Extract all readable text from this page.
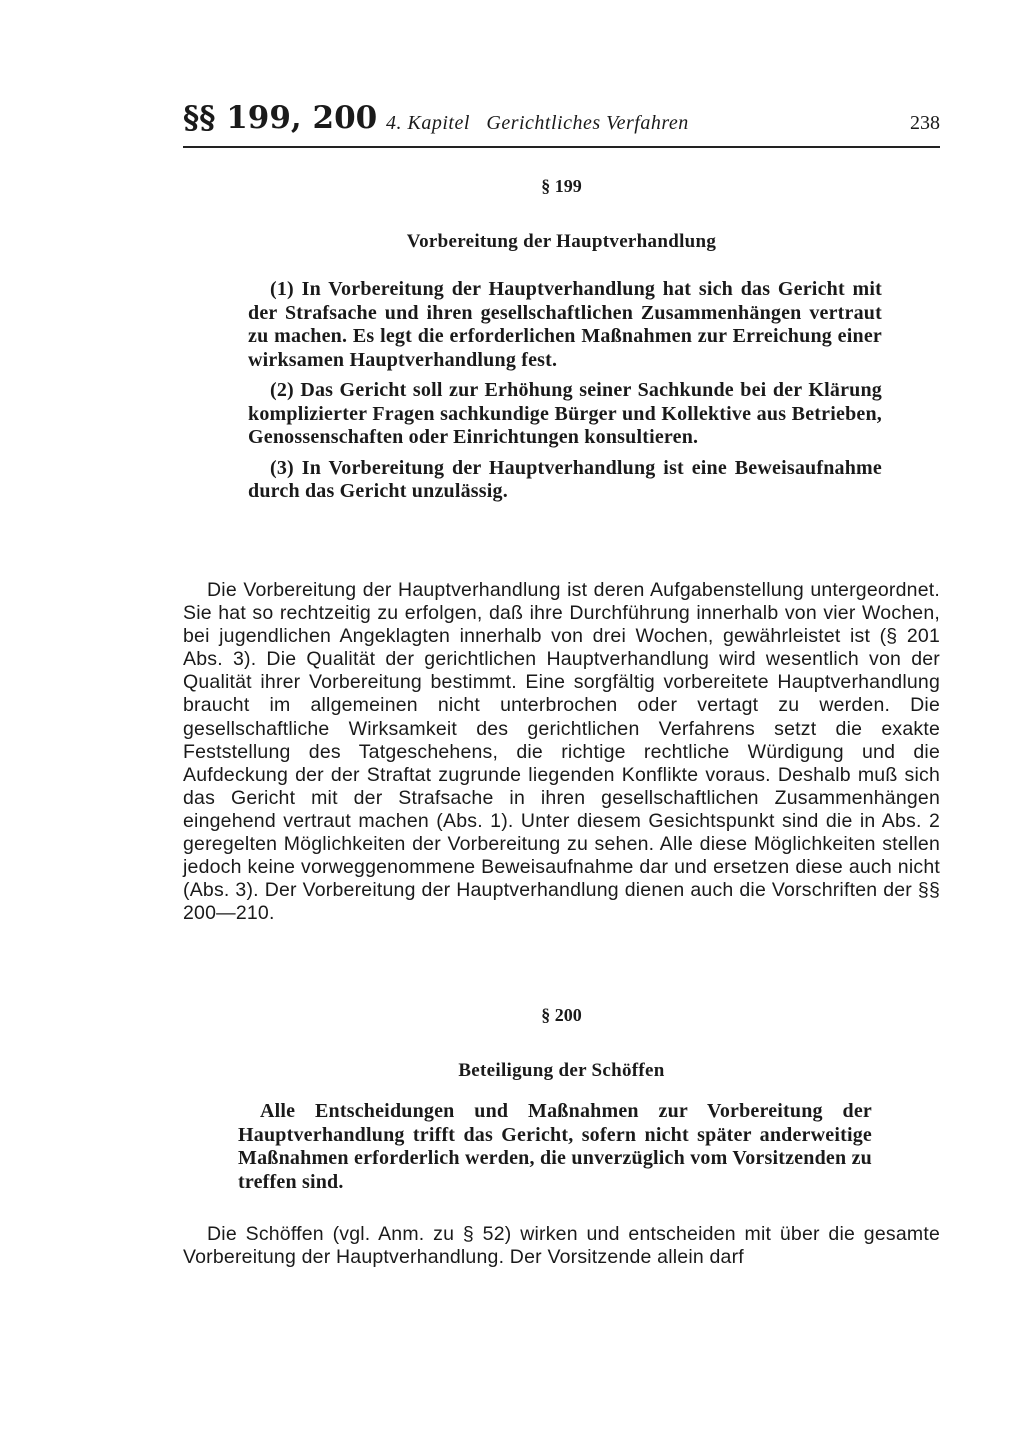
§§ 199, 200 4. Kapitel   Gerichtliches Verfahren	238
§ 199
Vorbereitung der Hauptverhandlung

(1) In Vorbereitung der Hauptverhandlung hat sich das Gericht mit der Strafsache und ihren gesellschaftlichen Zusammenhängen vertraut zu machen. Es legt die erforderlichen Maßnahmen zur Erreichung einer wirksamen Hauptverhandlung fest.

(2) Das Gericht soll zur Erhöhung seiner Sachkunde bei der Klärung komplizierter Fragen sachkundige Bürger und Kollektive aus Betrieben, Genossenschaften oder Einrichtungen konsultieren.

(3) In Vorbereitung der Hauptverhandlung ist eine Beweisaufnahme durch das Gericht unzulässig.

Die Vorbereitung der Hauptverhandlung ist deren Aufgabenstellung untergeordnet. Sie hat so rechtzeitig zu erfolgen, daß ihre Durchführung innerhalb von vier Wochen, bei jugendlichen Angeklagten innerhalb von drei Wochen, gewährleistet ist (§ 201 Abs. 3). Die Qualität der gerichtlichen Hauptverhandlung wird wesentlich von der Qualität ihrer Vorbereitung bestimmt. Eine sorgfältig vorbereitete Hauptverhandlung braucht im allgemeinen nicht unterbrochen oder vertagt zu werden. Die gesellschaftliche Wirksamkeit des gerichtlichen Verfahrens setzt die exakte Feststellung des Tatgeschehens, die richtige rechtliche Würdigung und die Aufdeckung der der Straftat zugrunde liegenden Konflikte voraus. Deshalb muß sich das Gericht mit der Strafsache in ihren gesellschaftlichen Zusammenhängen eingehend vertraut machen (Abs. 1). Unter diesem Gesichtspunkt sind die in Abs. 2 geregelten Möglichkeiten der Vorbereitung zu sehen. Alle diese Möglichkeiten stellen jedoch keine vorweggenommene Beweisaufnahme dar und ersetzen diese auch nicht (Abs. 3). Der Vorbereitung der Hauptverhandlung dienen auch die Vorschriften der §§ 200—210.

§ 200
Beteiligung der Schöffen

Alle Entscheidungen und Maßnahmen zur Vorbereitung der Hauptverhandlung trifft das Gericht, sofern nicht später anderweitige Maßnahmen erforderlich werden, die unverzüglich vom Vorsitzenden zu treffen sind.

Die Schöffen (vgl. Anm. zu § 52) wirken und entscheiden mit über die gesamte Vorbereitung der Hauptverhandlung. Der Vorsitzende allein darf
